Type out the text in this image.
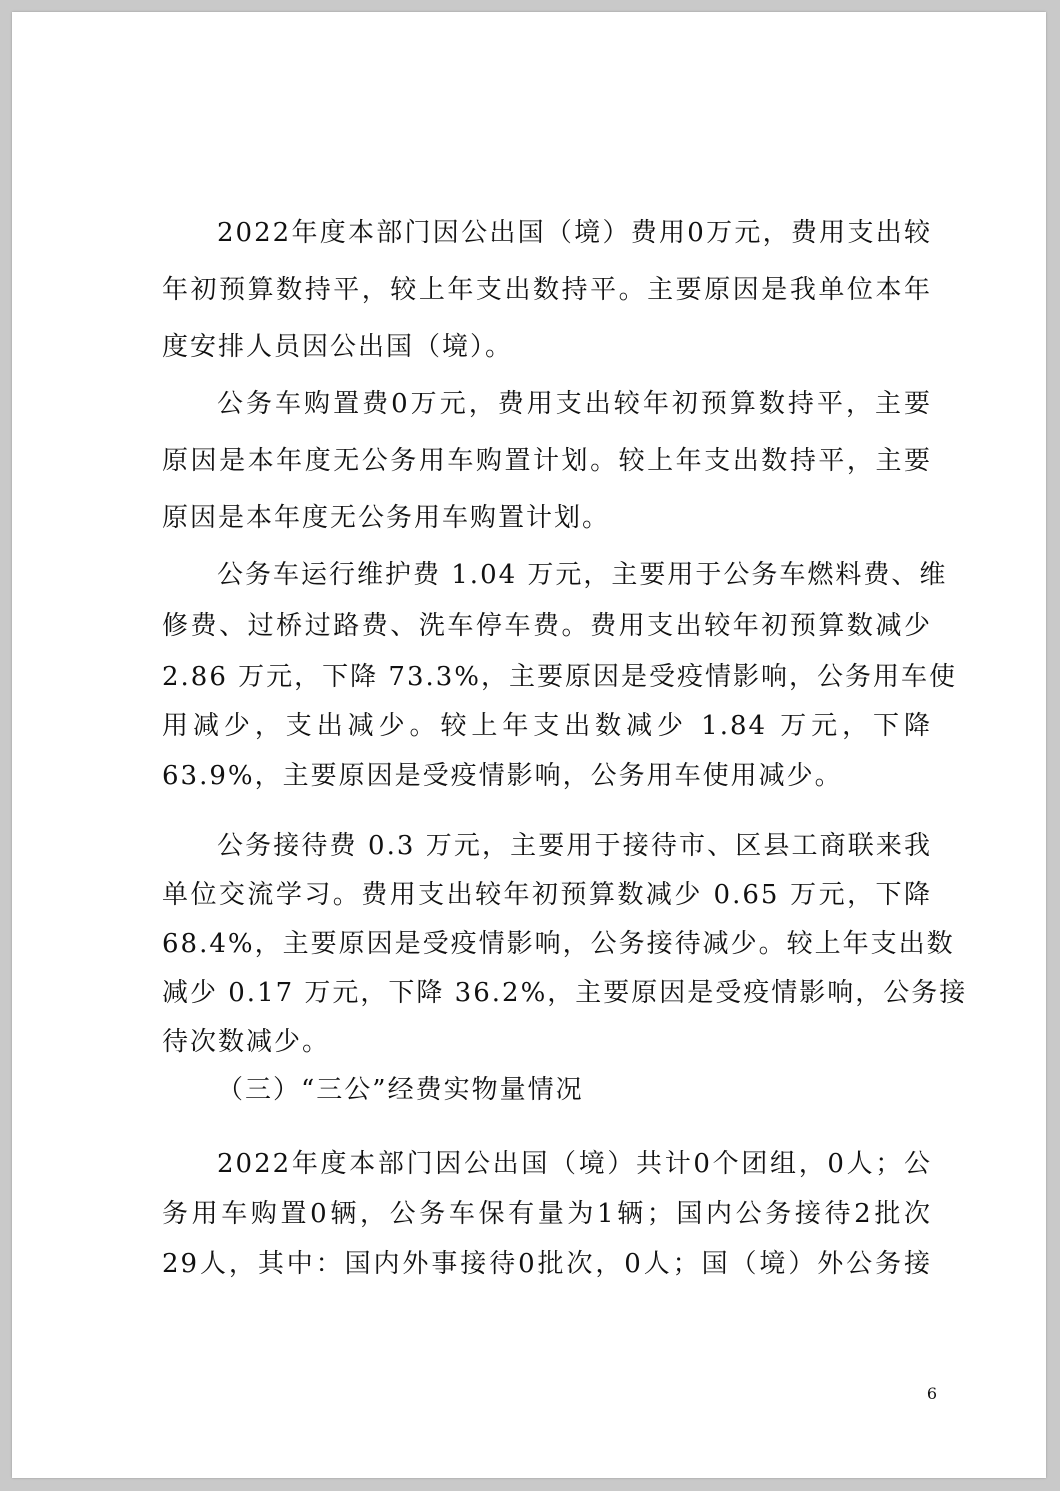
2022年度本部门因公出国（境）费用0万元，费用支出较
年初预算数持平，较上年支出数持平。主要原因是我单位本年
度安排人员因公出国（境）。
公务车购置费0万元，费用支出较年初预算数持平，主要
原因是本年度无公务用车购置计划。较上年支出数持平，主要
原因是本年度无公务用车购置计划。
公务车运行维护费 1.04 万元，主要用于公务车燃料费、维
修费、过桥过路费、洗车停车费。费用支出较年初预算数减少
2.86 万元，下降 73.3%，主要原因是受疫情影响，公务用车使
用减少，支出减少。较上年支出数减少 1.84 万元，下降
63.9%，主要原因是受疫情影响，公务用车使用减少。
公务接待费 0.3 万元，主要用于接待市、区县工商联来我
单位交流学习。费用支出较年初预算数减少 0.65 万元，下降
68.4%，主要原因是受疫情影响，公务接待减少。较上年支出数
减少 0.17 万元，下降 36.2%，主要原因是受疫情影响，公务接
待次数减少。
（三）“三公”经费实物量情况
2022年度本部门因公出国（境）共计0个团组，0人；公
务用车购置0辆，公务车保有量为1辆；国内公务接待2批次
29人，其中：国内外事接待0批次，0人；国（境）外公务接
6
